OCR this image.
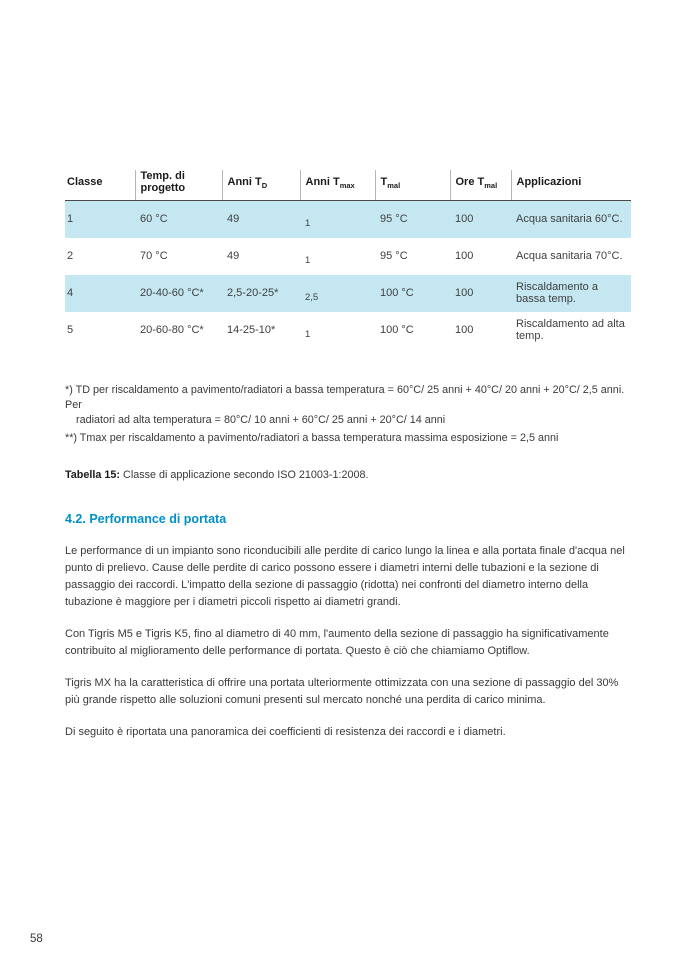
Classe	Temp. di progetto	Anni $T_D$	Anni $T_{max}$	$T_{mal}$	Ore $T_{mal}$	Applicazioni
1	60 °C	49	1	95 °C	100	Acqua sanitaria 60°C.
2	70 °C	49	1	95 °C	100	Acqua sanitaria 70°C.
4	20-40-60 °C*	2,5-20-25*	2,5	100 °C	100	Riscaldamento a bassa temp.
5	20-60-80 °C*	14-25-10*	1	100 °C	100	Riscaldamento ad alta temp.
*) TD per riscaldamento a pavimento/radiatori a bassa temperatura = 60°C/ 25 anni + 40°C/ 20 anni + 20°C/ 2,5 anni. Per
radiatori ad alta temperatura = 80°C/ 10 anni + 60°C/ 25 anni + 20°C/ 14 anni
**) Tmax per riscaldamento a pavimento/radiatori a bassa temperatura massima esposizione = 2,5 anni
Tabella 15: Classe di applicazione secondo ISO 21003-1:2008.
4.2. Performance di portata

Le performance di un impianto sono riconducibili alle perdite di carico lungo la linea e alla portata finale d'acqua nel punto di prelievo. Cause delle perdite di carico possono essere i diametri interni delle tubazioni e la sezione di passaggio dei raccordi. L'impatto della sezione di passaggio (ridotta) nei confronti del diametro interno della tubazione è maggiore per i diametri piccoli rispetto ai diametri grandi.

Con Tigris M5 e Tigris K5, fino al diametro di 40 mm, l'aumento della sezione di passaggio ha significativamente contribuito al miglioramento delle performance di portata. Questo è ciò che chiamiamo Optiflow.

Tigris MX ha la caratteristica di offrire una portata ulteriormente ottimizzata con una sezione di passaggio del 30% più grande rispetto alle soluzioni comuni presenti sul mercato nonché una perdita di carico minima.

Di seguito è riportata una panoramica dei coefficienti di resistenza dei raccordi e i diametri.

58
